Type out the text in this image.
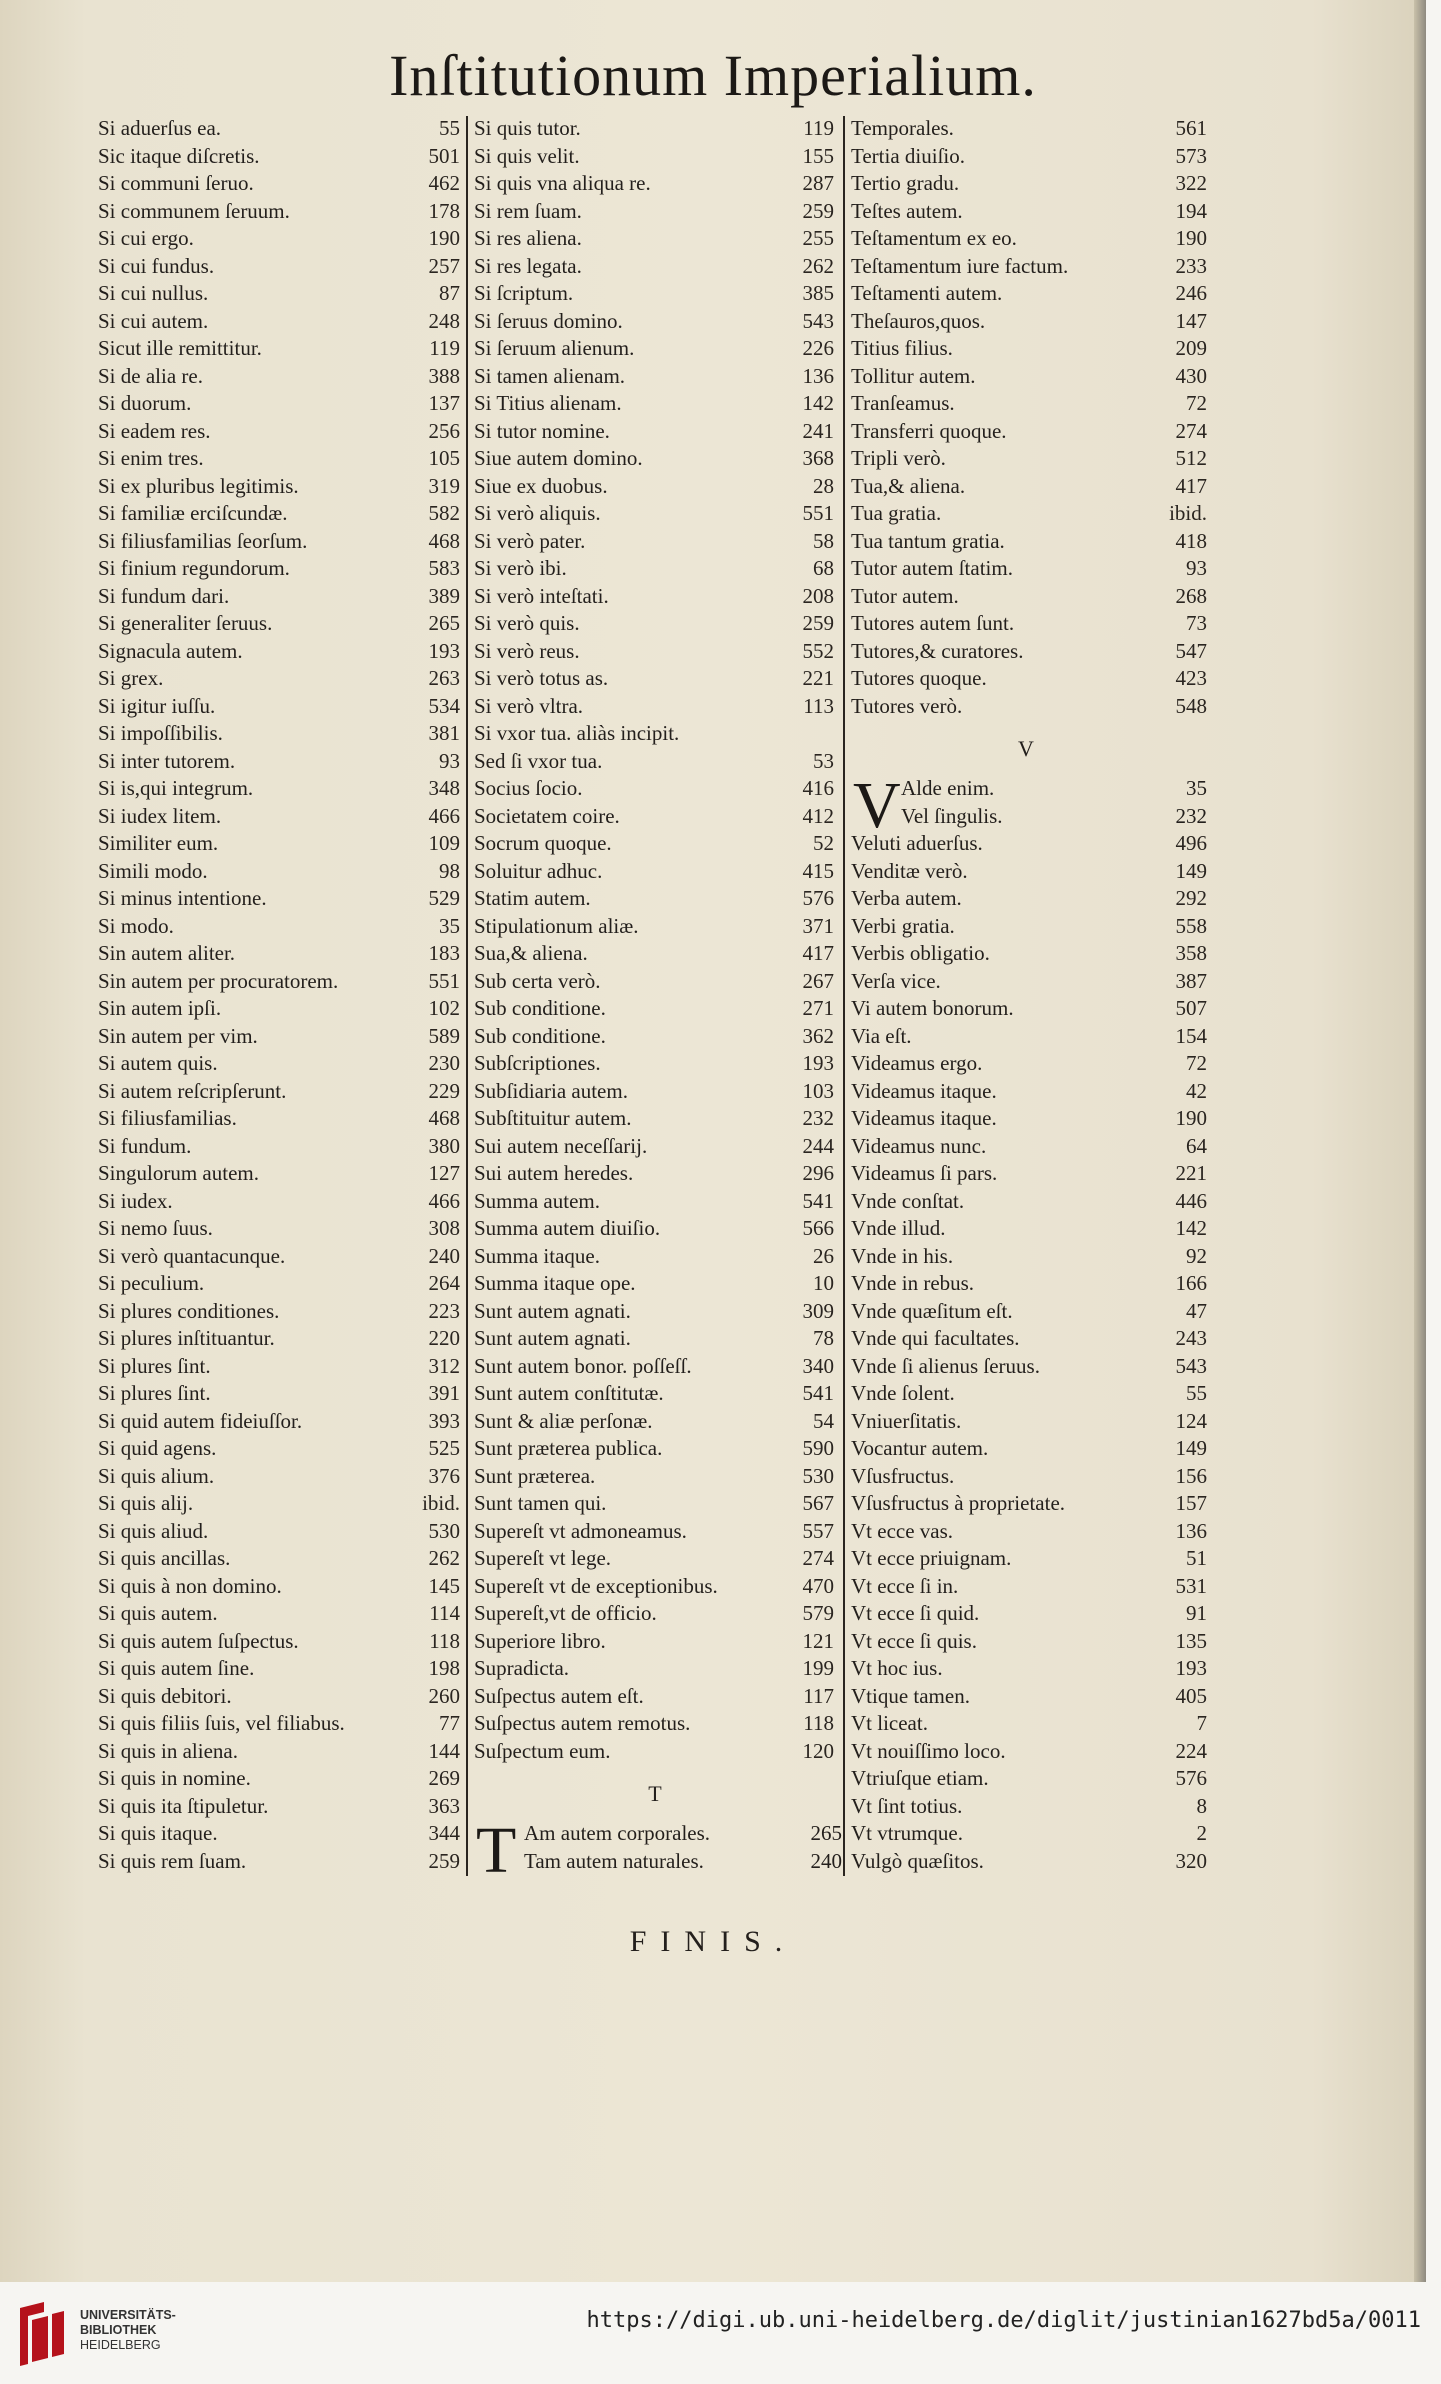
Inſtitutionum Imperialium.
Si aduerſus ea.	55
Sic itaque diſcretis.	501
Si communi ſeruo.	462
Si communem ſeruum.	178
Si cui ergo.	190
Si cui fundus.	257
Si cui nullus.	87
Si cui autem.	248
Sicut ille remittitur.	119
Si de alia re.	388
Si duorum.	137
Si eadem res.	256
Si enim tres.	105
Si ex pluribus legitimis.	319
Si familiæ erciſcundæ.	582
Si filiusfamilias ſeorſum.	468
Si finium regundorum.	583
Si fundum dari.	389
Si generaliter ſeruus.	265
Signacula autem.	193
Si grex.	263
Si igitur iuſſu.	534
Si impoſſibilis.	381
Si inter tutorem.	93
Si is,qui integrum.	348
Si iudex litem.	466
Similiter eum.	109
Simili modo.	98
Si minus intentione.	529
Si modo.	35
Sin autem aliter.	183
Sin autem per procuratorem.	551
Sin autem ipſi.	102
Sin autem per vim.	589
Si autem quis.	230
Si autem reſcripſerunt.	229
Si filiusfamilias.	468
Si fundum.	380
Singulorum autem.	127
Si iudex.	466
Si nemo ſuus.	308
Si verò quantacunque.	240
Si peculium.	264
Si plures conditiones.	223
Si plures inſtituantur.	220
Si plures ſint.	312
Si plures ſint.	391
Si quid autem fideiuſſor.	393
Si quid agens.	525
Si quis alium.	376
Si quis alij.	ibid.
Si quis aliud.	530
Si quis ancillas.	262
Si quis à non domino.	145
Si quis autem.	114
Si quis autem ſuſpectus.	118
Si quis autem ſine.	198
Si quis debitori.	260
Si quis filiis ſuis, vel filiabus.	77
Si quis in aliena.	144
Si quis in nomine.	269
Si quis ita ſtipuletur.	363
Si quis itaque.	344
Si quis rem ſuam.	259
Si quis tutor.	119
Si quis velit.	155
Si quis vna aliqua re.	287
Si rem ſuam.	259
Si res aliena.	255
Si res legata.	262
Si ſcriptum.	385
Si ſeruus domino.	543
Si ſeruum alienum.	226
Si tamen alienam.	136
Si Titius alienam.	142
Si tutor nomine.	241
Siue autem domino.	368
Siue ex duobus.	28
Si verò aliquis.	551
Si verò pater.	58
Si verò ibi.	68
Si verò inteſtati.	208
Si verò quis.	259
Si verò reus.	552
Si verò totus as.	221
Si verò vltra.	113
Si vxor tua. aliàs incipit.
Sed ſi vxor tua.	53
Socius ſocio.	416
Societatem coire.	412
Socrum quoque.	52
Soluitur adhuc.	415
Statim autem.	576
Stipulationum aliæ.	371
Sua,& aliena.	417
Sub certa verò.	267
Sub conditione.	271
Sub conditione.	362
Subſcriptiones.	193
Subſidiaria autem.	103
Subſtituitur autem.	232
Sui autem neceſſarij.	244
Sui autem heredes.	296
Summa autem.	541
Summa autem diuiſio.	566
Summa itaque.	26
Summa itaque ope.	10
Sunt autem agnati.	309
Sunt autem agnati.	78
Sunt autem bonor. poſſeſſ.	340
Sunt autem conſtitutæ.	541
Sunt & aliæ perſonæ.	54
Sunt præterea publica.	590
Sunt præterea.	530
Sunt tamen qui.	567
Supereſt vt admoneamus.	557
Supereſt vt lege.	274
Supereſt vt de exceptionibus.	470
Supereſt,vt de officio.	579
Superiore libro.	121
Supradicta.	199
Suſpectus autem eſt.	117
Suſpectus autem remotus.	118
Suſpectum eum.	120
T
T Am autem corporales.	265
Tam autem naturales.	240
Temporales.	561
Tertia diuiſio.	573
Tertio gradu.	322
Teſtes autem.	194
Teſtamentum ex eo.	190
Teſtamentum iure factum.	233
Teſtamenti autem.	246
Theſauros,quos.	147
Titius filius.	209
Tollitur autem.	430
Tranſeamus.	72
Transferri quoque.	274
Tripli verò.	512
Tua,& aliena.	417
Tua gratia.	ibid.
Tua tantum gratia.	418
Tutor autem ſtatim.	93
Tutor autem.	268
Tutores autem ſunt.	73
Tutores,& curatores.	547
Tutores quoque.	423
Tutores verò.	548
V
V Alde enim.	35
Vel ſingulis.	232
Veluti aduerſus.	496
Venditæ verò.	149
Verba autem.	292
Verbi gratia.	558
Verbis obligatio.	358
Verſa vice.	387
Vi autem bonorum.	507
Via eſt.	154
Videamus ergo.	72
Videamus itaque.	42
Videamus itaque.	190
Videamus nunc.	64
Videamus ſi pars.	221
Vnde conſtat.	446
Vnde illud.	142
Vnde in his.	92
Vnde in rebus.	166
Vnde quæſitum eſt.	47
Vnde qui facultates.	243
Vnde ſi alienus ſeruus.	543
Vnde ſolent.	55
Vniuerſitatis.	124
Vocantur autem.	149
Vſusfructus.	156
Vſusfructus à proprietate.	157
Vt ecce vas.	136
Vt ecce priuignam.	51
Vt ecce ſi in.	531
Vt ecce ſi quid.	91
Vt ecce ſi quis.	135
Vt hoc ius.	193
Vtique tamen.	405
Vt liceat.	7
Vt nouiſſimo loco.	224
Vtriuſque etiam.	576
Vt ſint totius.	8
Vt vtrumque.	2
Vulgò quæſitos.	320
FINIS.
UNIVERSITÄTS-
BIBLIOTHEK
HEIDELBERG
https://digi.ub.uni-heidelberg.de/diglit/justinian1627bd5a/0011
